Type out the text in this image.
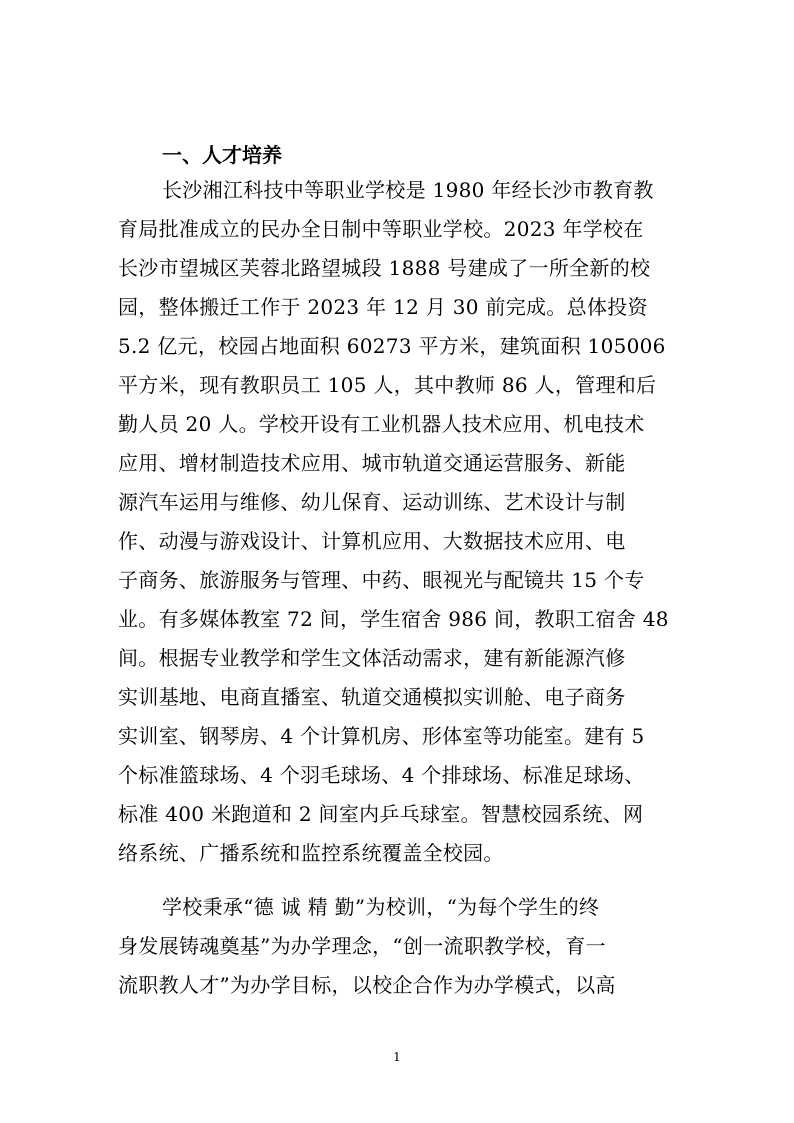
一、人才培养
长沙湘江科技中等职业学校是 1980 年经长沙市教育教
育局批准成立的民办全日制中等职业学校。2023 年学校在
长沙市望城区芙蓉北路望城段 1888 号建成了一所全新的校
园，整体搬迁工作于 2023 年 12 月 30 前完成。总体投资
5.2 亿元，校园占地面积 60273 平方米，建筑面积 105006
平方米，现有教职员工 105 人，其中教师 86 人，管理和后
勤人员 20 人。学校开设有工业机器人技术应用、机电技术
应用、增材制造技术应用、城市轨道交通运营服务、新能
源汽车运用与维修、幼儿保育、运动训练、艺术设计与制
作、动漫与游戏设计、计算机应用、大数据技术应用、电
子商务、旅游服务与管理、中药、眼视光与配镜共 15 个专
业。有多媒体教室 72 间，学生宿舍 986 间，教职工宿舍 48
间。根据专业教学和学生文体活动需求，建有新能源汽修
实训基地、电商直播室、轨道交通模拟实训舱、电子商务
实训室、钢琴房、4 个计算机房、形体室等功能室。建有 5
个标准篮球场、4 个羽毛球场、4 个排球场、标准足球场、
标准 400 米跑道和 2 间室内乒乓球室。智慧校园系统、网
络系统、广播系统和监控系统覆盖全校园。
学校秉承“德 诚 精 勤”为校训，“为每个学生的终
身发展铸魂奠基”为办学理念，“创一流职教学校，育一
流职教人才”为办学目标，以校企合作为办学模式，以高
1
